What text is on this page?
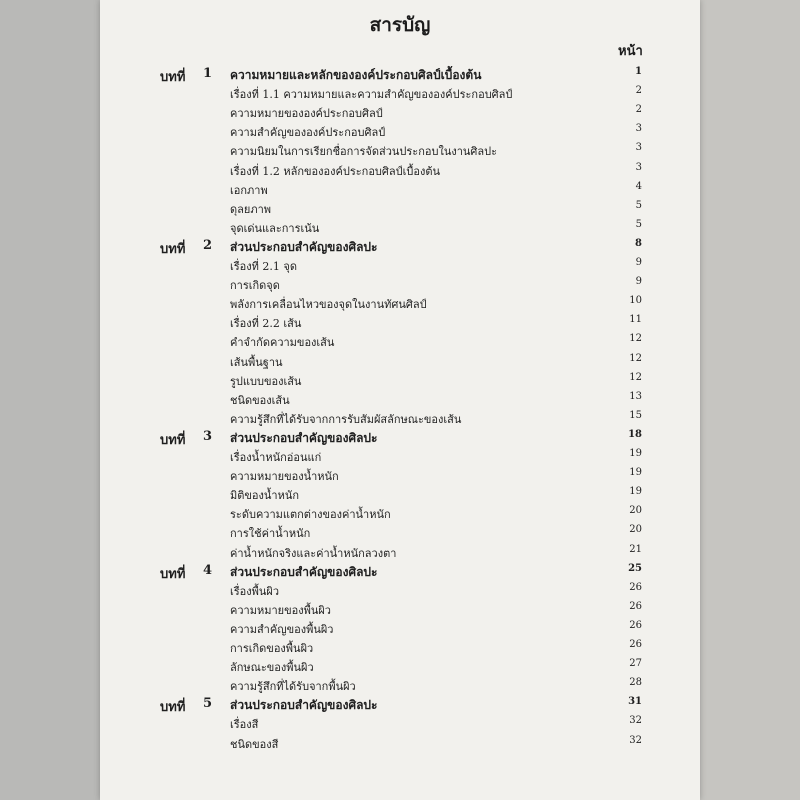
สารบัญ
หน้า
บทที่ 1 ความหมายและหลักขององค์ประกอบศิลป์เบื้องต้น	1
เรื่องที่ 1.1 ความหมายและความสำคัญขององค์ประกอบศิลป์	2
ความหมายขององค์ประกอบศิลป์	2
ความสำคัญขององค์ประกอบศิลป์	3
ความนิยมในการเรียกชื่อการจัดส่วนประกอบในงานศิลปะ	3
เรื่องที่ 1.2 หลักขององค์ประกอบศิลป์เบื้องต้น	3
เอกภาพ	4
ดุลยภาพ	5
จุดเด่นและการเน้น	5
บทที่ 2 ส่วนประกอบสำคัญของศิลปะ	8
เรื่องที่ 2.1 จุด	9
การเกิดจุด	9
พลังการเคลื่อนไหวของจุดในงานทัศนศิลป์	10
เรื่องที่ 2.2 เส้น	11
คำจำกัดความของเส้น	12
เส้นพื้นฐาน	12
รูปแบบของเส้น	12
ชนิดของเส้น	13
ความรู้สึกที่ได้รับจากการรับสัมผัสลักษณะของเส้น	15
บทที่ 3 ส่วนประกอบสำคัญของศิลปะ	18
เรื่องน้ำหนักอ่อนแก่	19
ความหมายของน้ำหนัก	19
มิติของน้ำหนัก	19
ระดับความแตกต่างของค่าน้ำหนัก	20
การใช้ค่าน้ำหนัก	20
ค่าน้ำหนักจริงและค่าน้ำหนักลวงตา	21
บทที่ 4 ส่วนประกอบสำคัญของศิลปะ	25
เรื่องพื้นผิว	26
ความหมายของพื้นผิว	26
ความสำคัญของพื้นผิว	26
การเกิดของพื้นผิว	26
ลักษณะของพื้นผิว	27
ความรู้สึกที่ได้รับจากพื้นผิว	28
บทที่ 5 ส่วนประกอบสำคัญของศิลปะ	31
เรื่องสี	32
ชนิดของสี	32
